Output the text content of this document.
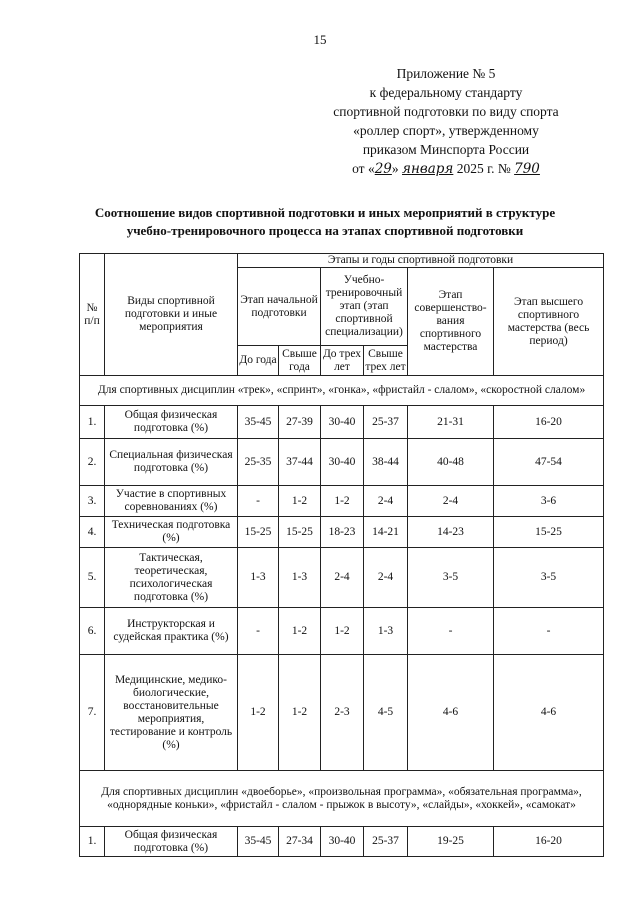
15
Приложение № 5
к федеральному стандарту
спортивной подготовки по виду спорта
«роллер спорт», утвержденному
приказом Минспорта России
от «29» января 2025 г. № 790
Соотношение видов спортивной подготовки и иных мероприятий в структуре
учебно-тренировочного процесса на этапах спортивной подготовки
№ п/п	Виды спортивной подготовки и иные мероприятия	Этапы и годы спортивной подготовки					
		Этап начальной подготовки		Учебно-тренировочный этап (этап спортивной специализации)		Этап совершенство-вания спортивного мастерства	Этап высшего спортивного мастерства (весь период)
		До года	Свыше года	До трех лет	Свыше трех лет		
Для спортивных дисциплин «трек», «спринт», «гонка», «фристайл - слалом», «скоростной слалом»							
1.	Общая физическая подготовка (%)	35-45	27-39	30-40	25-37	21-31	16-20
2.	Специальная физическая подготовка (%)	25-35	37-44	30-40	38-44	40-48	47-54
3.	Участие в спортивных соревнованиях (%)	-	1-2	1-2	2-4	2-4	3-6
4.	Техническая подготовка (%)	15-25	15-25	18-23	14-21	14-23	15-25
5.	Тактическая, теоретическая, психологическая подготовка (%)	1-3	1-3	2-4	2-4	3-5	3-5
6.	Инструкторская и судейская практика (%)	-	1-2	1-2	1-3	-	-
7.	Медицинские, медико-биологические, восстановительные мероприятия, тестирование и контроль (%)	1-2	1-2	2-3	4-5	4-6	4-6
Для спортивных дисциплин «двоеборье», «произвольная программа», «обязательная программа», «однорядные коньки», «фристайл - слалом - прыжок в высоту», «слайды», «хоккей», «самокат»							
1.	Общая физическая подготовка (%)	35-45	27-34	30-40	25-37	19-25	16-20
